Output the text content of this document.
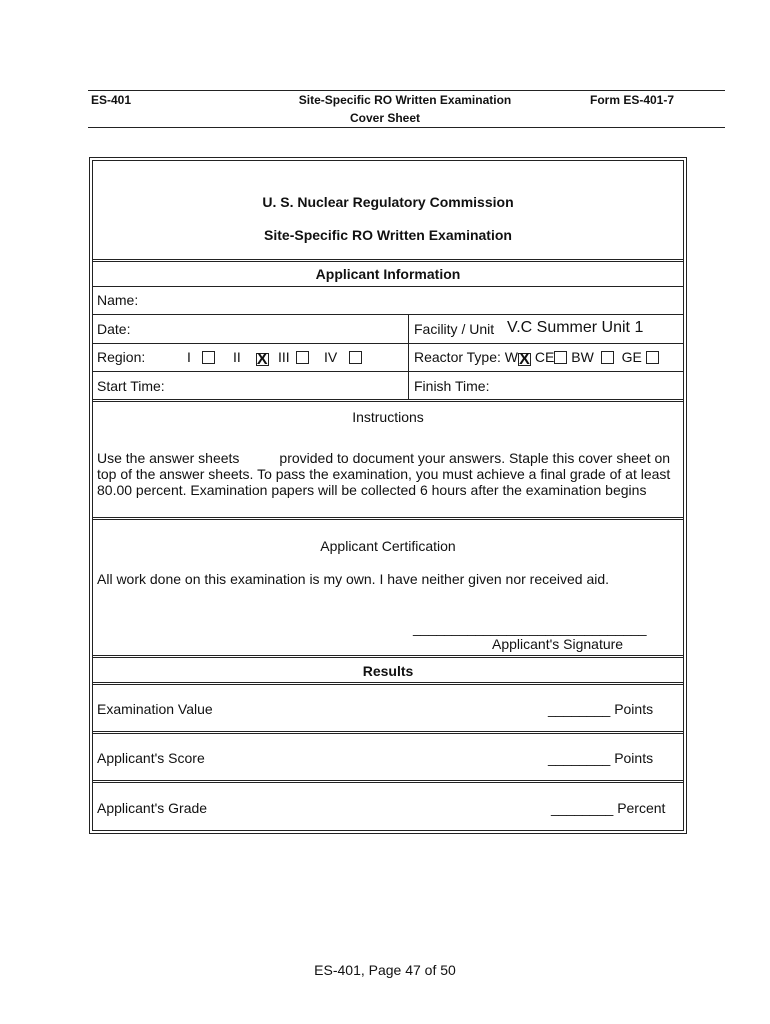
ES-401	Site-Specific RO Written Examination
Cover Sheet
Form ES-401-7
U. S. Nuclear Regulatory Commission
Site-Specific RO Written Examination
Applicant Information
Name:
Date:	Facility / Unit V.C Summer Unit 1
Region:	I	II X III	IV	Reactor Type: WX CE BW GE
Start Time:	Finish Time:
Instructions
Use the answer sheets	provided to document your answers. Staple this cover sheet on
top of the answer sheets. To pass the examination, you must achieve a final grade of at least
80.00 percent. Examination papers will be collected 6 hours after the examination begins
Applicant Certification
All work done on this examination is my own. I have neither given nor received aid.
______________________________
Applicant's Signature
Results
Examination Value	________ Points
Applicant's Score	________ Points
Applicant's Grade	________ Percent
ES-401, Page 47 of 50
